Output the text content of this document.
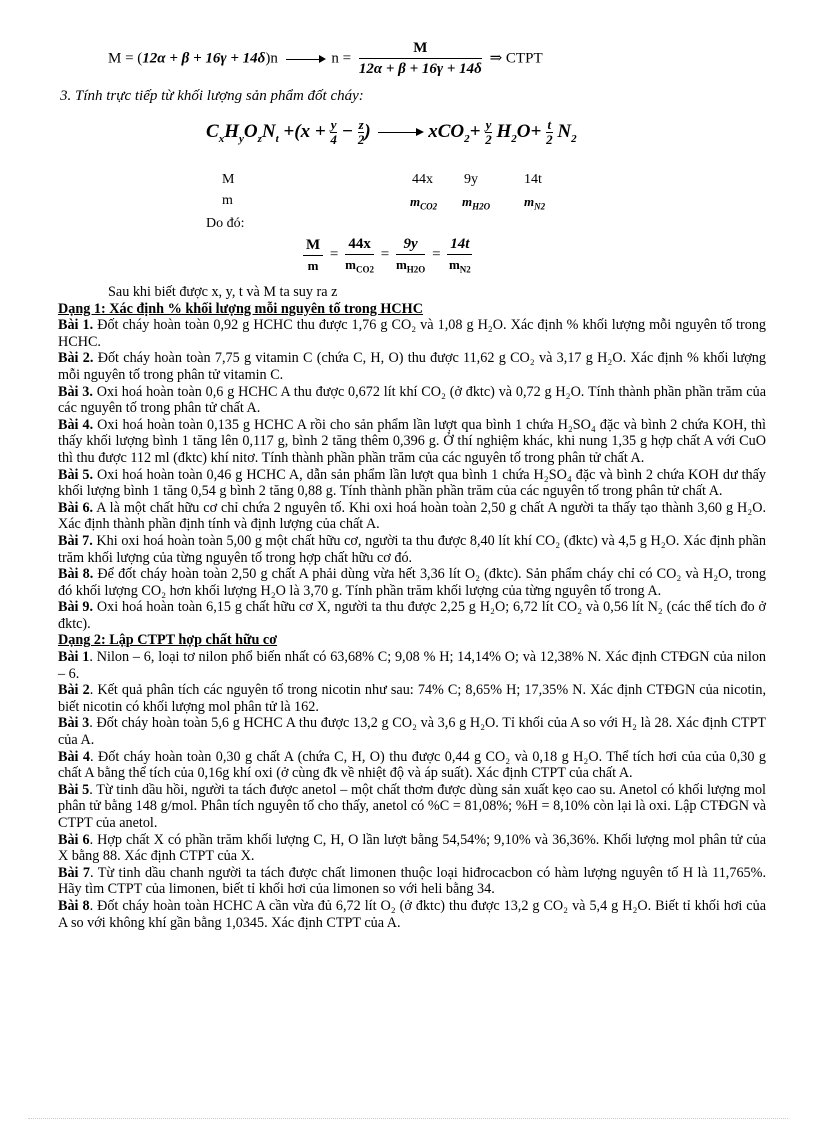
M = (12α + β + 16γ + 14δ)n	$n = \frac{M}{12\alpha + \beta + 16\gamma + 14\delta}$ ⇒ CTPT
3. Tính trực tiếp từ khối lượng sản phẩm đốt cháy:
$C_xH_yO_zN_t +(x + \frac{y}{4} - \frac{z}{2}$ )	$xCO_2+ \frac{y}{2} H_2O+ \frac{t}{2} N_2$
M	44x 9y	14t
m	$m_{CO2}$ $m_{H2O}$	$m_{N2}$
Do đó:
$\frac{M}{m} = \frac{44x}{m_{CO2}} = \frac{9y}{m_{H2O}} = \frac{14t}{m_{N2}}$

Sau khi biết được x, y, t và M ta suy ra z

Dạng 1: Xác định % khối lượng mỗi nguyên tố trong HCHC

Bài 1. Đốt cháy hoàn toàn 0,92 g HCHC thu được 1,76 g CO₂ và 1,08 g H₂O. Xác định % khối lượng mỗi nguyên tố trong HCHC.

Bài 2. Đốt cháy hoàn toàn 7,75 g vitamin C (chứa C, H, O) thu được 11,62 g CO₂ và 3,17 g H₂O. Xác định % khối lượng mỗi nguyên tố trong phân tử vitamin C.

Bài 3. Oxi hoá hoàn toàn 0,6 g HCHC A thu được 0,672 lít khí CO₂ (ở đktc) và 0,72 g H₂O. Tính thành phần phần trăm của các nguyên tố trong phân tử chất A.

Bài 4. Oxi hoá hoàn toàn 0,135 g HCHC A rồi cho sản phẩm lần lượt qua bình 1 chứa H₂SO₄ đặc và bình 2 chứa KOH, thì thấy khối lượng bình 1 tăng lên 0,117 g, bình 2 tăng thêm 0,396 g. Ở thí nghiệm khác, khi nung 1,35 g hợp chất A với CuO thì thu được 112 ml (đktc) khí nitơ. Tính thành phần phần trăm của các nguyên tố trong phân tử chất A.

Bài 5. Oxi hoá hoàn toàn 0,46 g HCHC A, dẫn sản phẩm lần lượt qua bình 1 chứa H₂SO₄ đặc và bình 2 chứa KOH dư thấy khối lượng bình 1 tăng 0,54 g bình 2 tăng 0,88 g. Tính thành phần phần trăm của các nguyên tố trong phân tử chất A.

Bài 6. A là một chất hữu cơ chỉ chứa 2 nguyên tố. Khi oxi hoá hoàn toàn 2,50 g chất A người ta thấy tạo thành 3,60 g H₂O. Xác định thành phần định tính và định lượng của chất A.

Bài 7. Khi oxi hoá hoàn toàn 5,00 g một chất hữu cơ, người ta thu được 8,40 lít khí CO₂ (đktc) và 4,5 g H₂O. Xác định phần trăm khối lượng của từng nguyên tố trong hợp chất hữu cơ đó.

Bài 8. Để đốt cháy hoàn toàn 2,50 g chất A phải dùng vừa hết 3,36 lít O₂ (đktc). Sản phẩm cháy chỉ có CO₂ và H₂O, trong đó khối lượng CO₂ hơn khối lượng H₂O là 3,70 g. Tính phần trăm khối lượng của từng nguyên tố trong A.

Bài 9. Oxi hoá hoàn toàn 6,15 g chất hữu cơ X, người ta thu được 2,25 g H₂O; 6,72 lít CO₂ và 0,56 lít N₂ (các thể tích đo ở đktc).

Dạng 2: Lập CTPT hợp chất hữu cơ

Bài 1. Nilon – 6, loại tơ nilon phổ biến nhất có 63,68% C; 9,08 % H; 14,14% O; và 12,38% N. Xác định CTĐGN của nilon – 6.

Bài 2. Kết quả phân tích các nguyên tố trong nicotin như sau: 74% C; 8,65% H; 17,35% N. Xác định CTĐGN của nicotin, biết nicotin có khối lượng mol phân tử là 162.

Bài 3. Đốt cháy hoàn toàn 5,6 g HCHC A thu được 13,2 g CO₂ và 3,6 g H₂O. Tỉ khối của A so với H₂ là 28. Xác định CTPT của A.

Bài 4. Đốt cháy hoàn toàn 0,30 g chất A (chứa C, H, O) thu được 0,44 g CO₂ và 0,18 g H₂O. Thể tích hơi của của 0,30 g chất A bằng thể tích của 0,16g khí oxi (ở cùng đk về nhiệt độ và áp suất). Xác định CTPT của chất A.

Bài 5. Từ tinh dầu hồi, người ta tách được anetol – một chất thơm được dùng sản xuất kẹo cao su. Anetol có khối lượng mol phân tử bằng 148 g/mol. Phân tích nguyên tố cho thấy, anetol có %C = 81,08%; %H = 8,10% còn lại là oxi. Lập CTĐGN và CTPT của anetol.

Bài 6. Hợp chất X có phần trăm khối lượng C, H, O lần lượt bằng 54,54%; 9,10% và 36,36%. Khối lượng mol phân tử của X bằng 88. Xác định CTPT của X.

Bài 7. Từ tinh dầu chanh người ta tách được chất limonen thuộc loại hiđrocacbon có hàm lượng nguyên tố H là 11,765%. Hãy tìm CTPT của limonen, biết tỉ khối hơi của limonen so với heli bằng 34.

Bài 8. Đốt cháy hoàn toàn HCHC A cần vừa đủ 6,72 lít O₂ (ở đktc) thu được 13,2 g CO₂ và 5,4 g H₂O. Biết tỉ khối hơi của A so với không khí gần bằng 1,0345. Xác định CTPT của A.
